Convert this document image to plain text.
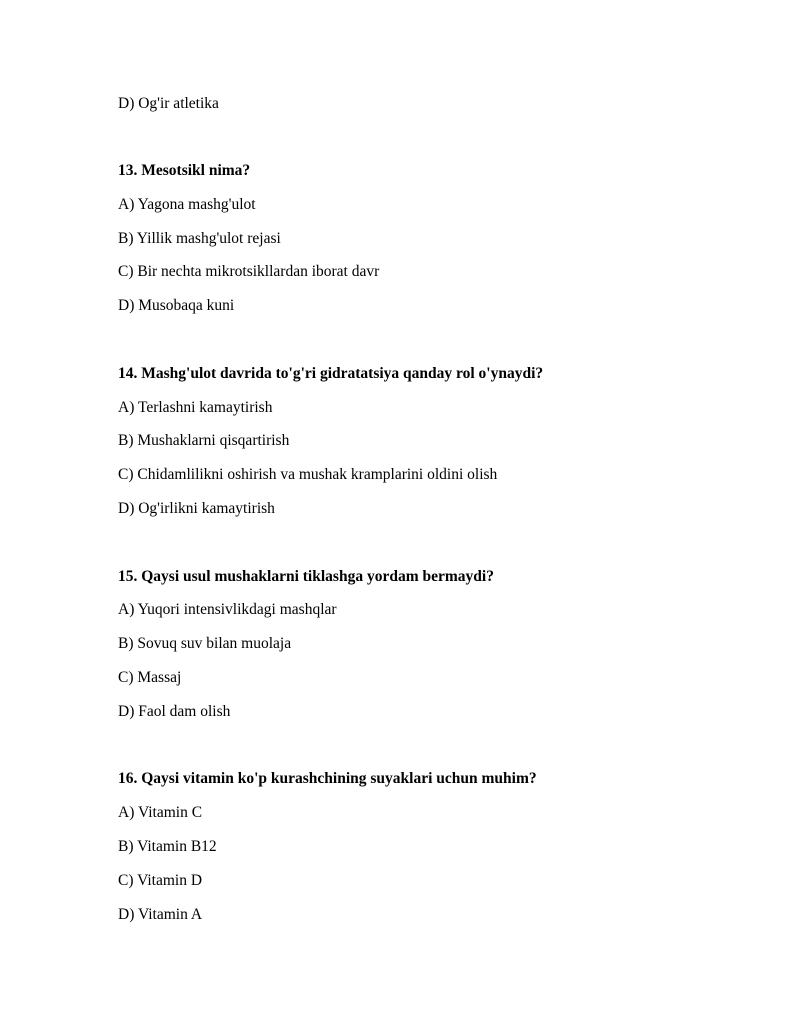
D) Og'ir atletika
13. Mesotsikl nima?
A) Yagona mashg'ulot
B) Yillik mashg'ulot rejasi
C) Bir nechta mikrotsikllardan iborat davr
D) Musobaqa kuni
14. Mashg'ulot davrida to'g'ri gidratatsiya qanday rol o'ynaydi?
A) Terlashni kamaytirish
B) Mushaklarni qisqartirish
C) Chidamlilikni oshirish va mushak kramplarini oldini olish
D) Og'irlikni kamaytirish
15. Qaysi usul mushaklarni tiklashga yordam bermaydi?
A) Yuqori intensivlikdagi mashqlar
B) Sovuq suv bilan muolaja
C) Massaj
D) Faol dam olish
16. Qaysi vitamin ko'p kurashchining suyaklari uchun muhim?
A) Vitamin C
B) Vitamin B12
C) Vitamin D
D) Vitamin A
